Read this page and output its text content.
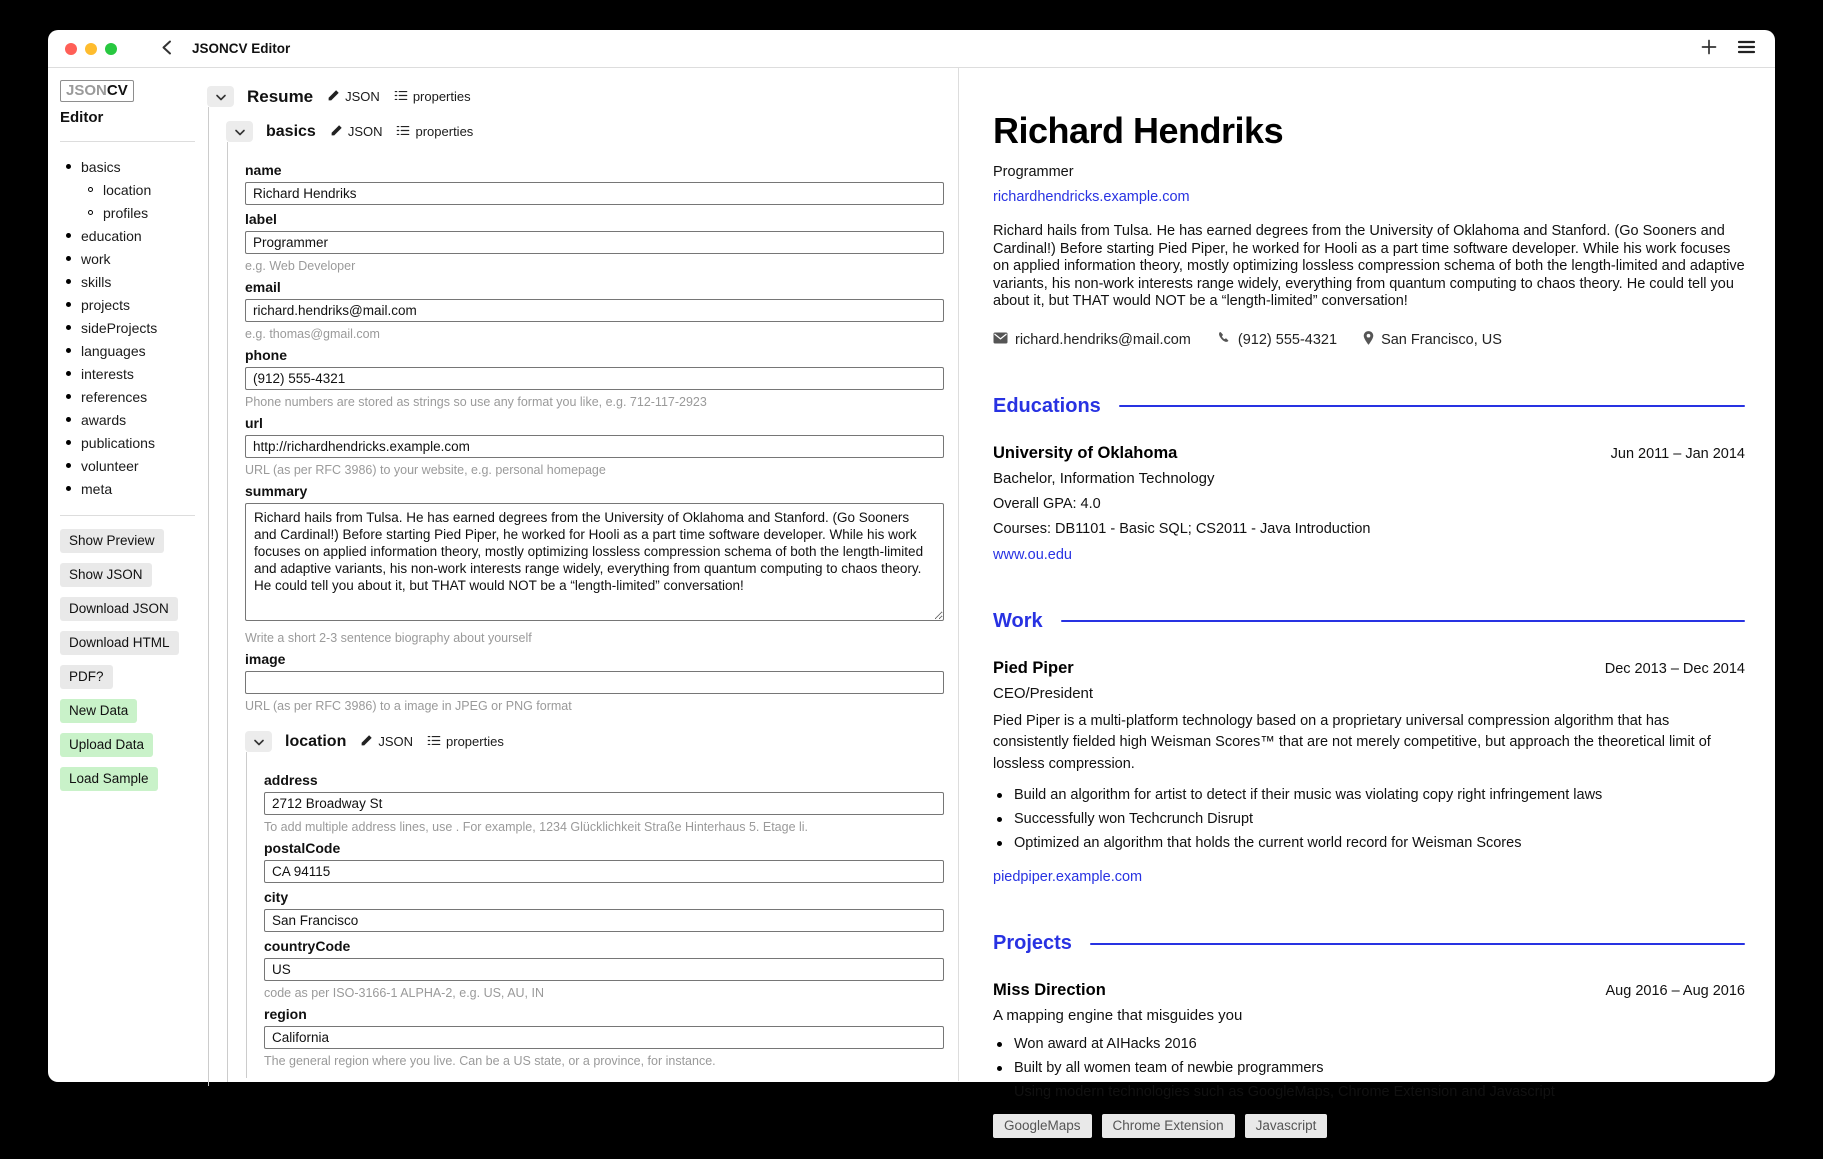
JSONCV Editor
JSONCV
Editor
basics
location
profiles
education
work
skills
projects
sideProjects
languages
interests
references
awards
publications
volunteer
meta
Show Preview
Show JSON
Download JSON
Download HTML
PDF?
New Data
Upload Data
Load Sample
Resume JSON	properties
basics JSON	properties
name
Richard Hendriks
label
Programmer
e.g. Web Developer
email
richard.hendriks@mail.com
e.g. thomas@gmail.com
phone
(912) 555-4321
Phone numbers are stored as strings so use any format you like, e.g. 712-117-2923
url
http://richardhendricks.example.com
URL (as per RFC 3986) to your website, e.g. personal homepage
summary
Richard hails from Tulsa. He has earned degrees from the University of Oklahoma and Stanford. (Go Sooners and Cardinal!) Before starting Pied Piper, he worked for Hooli as a part time software developer. While his work focuses on applied information theory, mostly optimizing lossless compression schema of both the length-limited and adaptive variants, his non-work interests range widely, everything from quantum computing to chaos theory. He could tell you about it, but THAT would NOT be a “length-limited” conversation!
Write a short 2-3 sentence biography about yourself
image
URL (as per RFC 3986) to a image in JPEG or PNG format
location JSON	properties
address
2712 Broadway St
To add multiple address lines, use . For example, 1234 Glücklichkeit Straße Hinterhaus 5. Etage li.
postalCode
CA 94115
city
San Francisco
countryCode
US
code as per ISO-3166-1 ALPHA-2, e.g. US, AU, IN
region
California
The general region where you live. Can be a US state, or a province, for instance.
Richard Hendriks
Programmer
richardhendricks.example.com

Richard hails from Tulsa. He has earned degrees from the University of Oklahoma and Stanford. (Go Sooners and Cardinal!) Before starting Pied Piper, he worked for Hooli as a part time software developer. While his work focuses on applied information theory, mostly optimizing lossless compression schema of both the length-limited and adaptive variants, his non-work interests range widely, everything from quantum computing to chaos theory. He could tell you about it, but THAT would NOT be a “length-limited” conversation!

richard.hendriks@mail.com	(912) 555-4321	San Francisco, US
Educations
University of Oklahoma	Jun 2011 – Jan 2014
Bachelor, Information Technology
Overall GPA: 4.0
Courses: DB1101 - Basic SQL; CS2011 - Java Introduction
www.ou.edu
Work
Pied Piper	Dec 2013 – Dec 2014
CEO/President

Pied Piper is a multi-platform technology based on a proprietary universal compression algorithm that has consistently fielded high Weisman Scores™ that are not merely competitive, but approach the theoretical limit of lossless compression.

Build an algorithm for artist to detect if their music was violating copy right infringement laws
Successfully won Techcrunch Disrupt
Optimized an algorithm that holds the current world record for Weisman Scores
piedpiper.example.com
Projects
Miss Direction	Aug 2016 – Aug 2016
A mapping engine that misguides you
Won award at AIHacks 2016
Built by all women team of newbie programmers
Using modern technologies such as GoogleMaps, Chrome Extension and Javascript
GoogleMaps	Chrome Extension	Javascript
